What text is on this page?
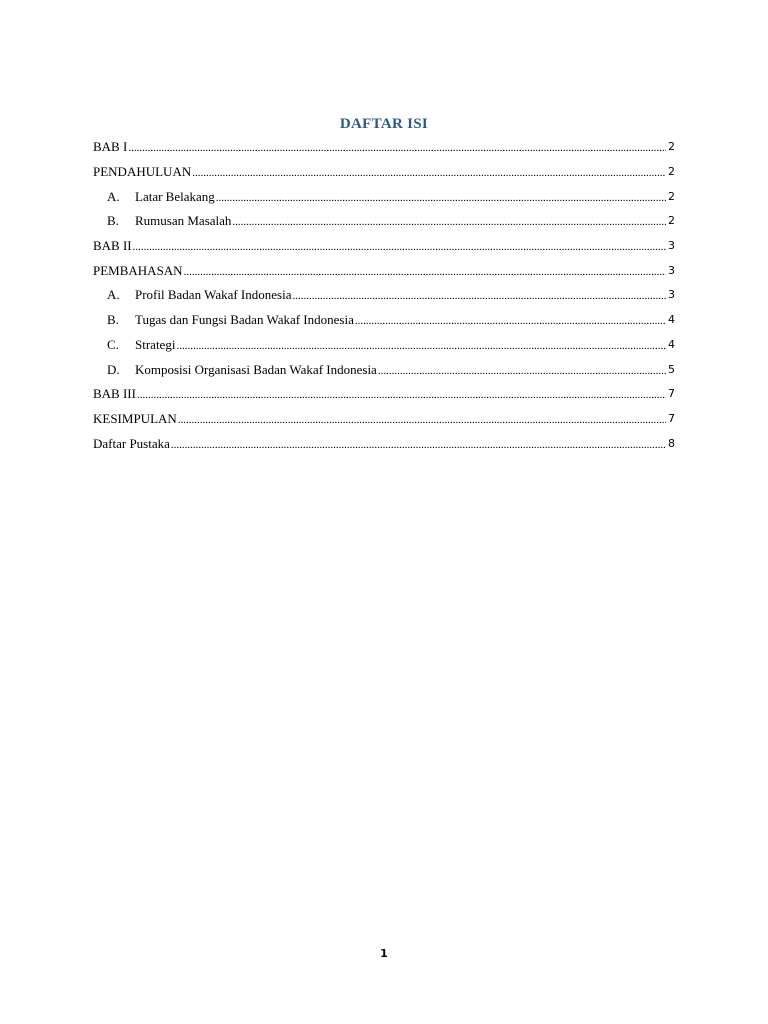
DAFTAR ISI
BAB I .....	2
PENDAHULUAN .....	2
A.	Latar Belakang .....	2
B.	Rumusan Masalah .....	2
BAB II .....	3
PEMBAHASAN .....	3
A.	Profil Badan Wakaf Indonesia .....	3
B.	Tugas dan Fungsi Badan Wakaf Indonesia .....	4
C.	Strategi .....	4
D.	Komposisi Organisasi Badan Wakaf Indonesia .....	5
BAB III .....	7
KESIMPULAN .....	7
Daftar Pustaka .....	8
1
